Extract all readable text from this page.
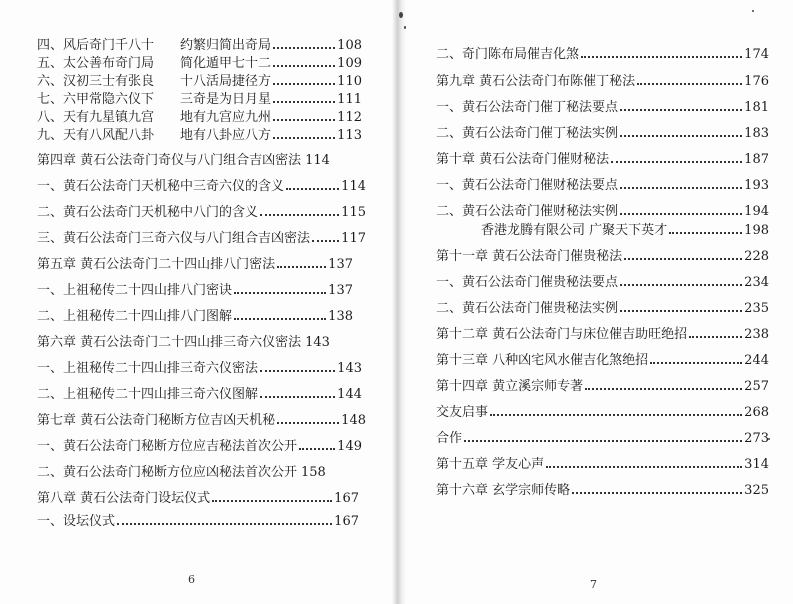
四、风后奇门千八十	约繁归简出奇局	108
五、太公善布奇门局	简化遁甲七十二	109
六、汉初三士有张良	十八活局捷径方	110
七、六甲常隐六仪下	三奇是为日月星	111
八、天有九星镇九宫	地有九宫应九州	112
九、天有八风配八卦	地有八卦应八方	113
第四章 黄石公法奇门奇仪与八门组合吉凶密法 114
一、黄石公法奇门天机秘中三奇六仪的含义	114
二、黄石公法奇门天机秘中八门的含义	115
三、黄石公法奇门三奇六仪与八门组合吉凶密法 117
第五章 黄石公法奇门二十四山排八门密法	137
一、上祖秘传二十四山排八门密诀	137
二、上祖秘传二十四山排八门图解	138
第六章 黄石公法奇门二十四山排三奇六仪密法 143
一、上祖秘传二十四山排三奇六仪密法	143
二、上祖秘传二十四山排三奇六仪图解	144
第七章 黄石公法奇门秘断方位吉凶天机秘	148
一、黄石公法奇门秘断方位应吉秘法首次公开	149
二、黄石公法奇门秘断方位应凶秘法首次公开 158
第八章 黄石公法奇门设坛仪式	167
一、设坛仪式	167
6
二、奇门陈布局催吉化煞	174
第九章 黄石公法奇门布陈催丁秘法	176
一、黄石公法奇门催丁秘法要点	181
二、黄石公法奇门催丁秘法实例	183
第十章 黄石公法奇门催财秘法	187
一、黄石公法奇门催财秘法要点	193
二、黄石公法奇门催财秘法实例	194
香港龙腾有限公司 广聚天下英才	198
第十一章 黄石公法奇门催贵秘法	228
一、黄石公法奇门催贵秘法要点	234
二、黄石公法奇门催贵秘法实例	235
第十二章 黄石公法奇门与床位催吉助旺绝招	238
第十三章 八种凶宅风水催吉化煞绝招	244
第十四章 黄立溪宗师专著	257
交友启事	268
合作	273
第十五章 学友心声	314
第十六章 玄学宗师传略	325
7
